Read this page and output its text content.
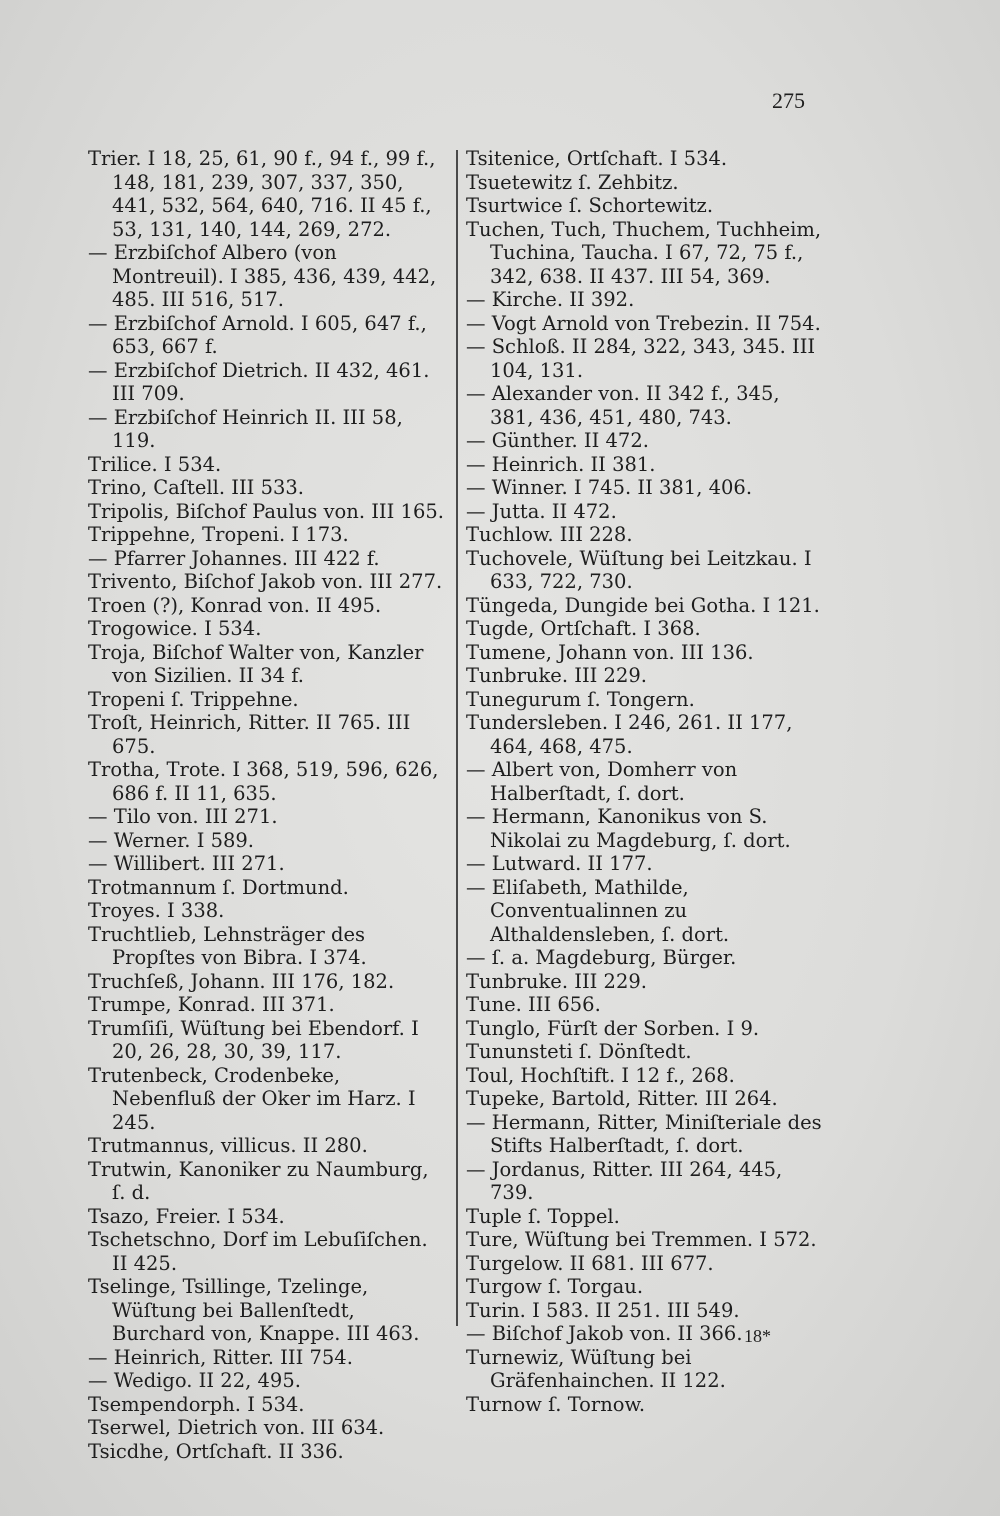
275

Trier. I 18, 25, 61, 90 f., 94 f., 99 f., 148, 181, 239, 307, 337, 350, 441, 532, 564, 640, 716. II 45 f., 53, 131, 140, 144, 269, 272.

— Erzbiſchof Albero (von Montreuil). I 385, 436, 439, 442, 485. III 516, 517.

— Erzbiſchof Arnold. I 605, 647 f., 653, 667 f.

— Erzbiſchof Dietrich. II 432, 461. III 709.

— Erzbiſchof Heinrich II. III 58, 119.

Trilice. I 534.

Trino, Caſtell. III 533.

Tripolis, Biſchof Paulus von. III 165.

Trippehne, Tropeni. I 173.

— Pfarrer Johannes. III 422 f.

Trivento, Biſchof Jakob von. III 277.

Troen (?), Konrad von. II 495.

Trogowice. I 534.

Troja, Biſchof Walter von, Kanzler von Sizilien. II 34 f.

Tropeni ſ. Trippehne.

Troſt, Heinrich, Ritter. II 765. III 675.

Trotha, Trote. I 368, 519, 596, 626, 686 f. II 11, 635.

— Tilo von. III 271.

— Werner. I 589.

— Willibert. III 271.

Trotmannum ſ. Dortmund.

Troyes. I 338.

Truchtlieb, Lehnsträger des Propſtes von Bibra. I 374.

Truchſeß, Johann. III 176, 182.

Trumpe, Konrad. III 371.

Trumſiſi, Wüſtung bei Ebendorf. I 20, 26, 28, 30, 39, 117.

Trutenbeck, Crodenbeke, Nebenfluß der Oker im Harz. I 245.

Trutmannus, villicus. II 280.

Trutwin, Kanoniker zu Naumburg, ſ. d.

Tsazo, Freier. I 534.

Tschetschno, Dorf im Lebuſiſchen. II 425.

Tselinge, Tsillinge, Tzelinge, Wüſtung bei Ballenſtedt, Burchard von, Knappe. III 463.

— Heinrich, Ritter. III 754.

— Wedigo. II 22, 495.

Tsempendorph. I 534.

Tserwel, Dietrich von. III 634.

Tsicdhe, Ortſchaft. II 336.

Tsitenice, Ortſchaft. I 534.

Tsuetewitz ſ. Zehbitz.

Tsurtwice ſ. Schortewitz.

Tuchen, Tuch, Thuchem, Tuchheim, Tuchina, Taucha. I 67, 72, 75 f., 342, 638. II 437. III 54, 369.

— Kirche. II 392.

— Vogt Arnold von Trebezin. II 754.

— Schloß. II 284, 322, 343, 345. III 104, 131.

— Alexander von. II 342 f., 345, 381, 436, 451, 480, 743.

— Günther. II 472.

— Heinrich. II 381.

— Winner. I 745. II 381, 406.

— Jutta. II 472.

Tuchlow. III 228.

Tuchovele, Wüſtung bei Leitzkau. I 633, 722, 730.

Tüngeda, Dungide bei Gotha. I 121.

Tugde, Ortſchaft. I 368.

Tumene, Johann von. III 136.

Tunbruke. III 229.

Tunegurum ſ. Tongern.

Tundersleben. I 246, 261. II 177, 464, 468, 475.

— Albert von, Domherr von Halberſtadt, ſ. dort.

— Hermann, Kanonikus von S. Nikolai zu Magdeburg, ſ. dort.

— Lutward. II 177.

— Eliſabeth, Mathilde, Conventualinnen zu Althaldensleben, ſ. dort.

— ſ. a. Magdeburg, Bürger.

Tunbruke. III 229.

Tune. III 656.

Tunglo, Fürſt der Sorben. I 9.

Tununsteti ſ. Dönſtedt.

Toul, Hochſtift. I 12 f., 268.

Tupeke, Bartold, Ritter. III 264.

— Hermann, Ritter, Miniſteriale des Stifts Halberſtadt, ſ. dort.

— Jordanus, Ritter. III 264, 445, 739.

Tuple ſ. Toppel.

Ture, Wüſtung bei Tremmen. I 572.

Turgelow. II 681. III 677.

Turgow ſ. Torgau.

Turin. I 583. II 251. III 549.

— Biſchof Jakob von. II 366.

Turnewiz, Wüſtung bei Gräfenhainchen. II 122.

Turnow ſ. Tornow.

18*
